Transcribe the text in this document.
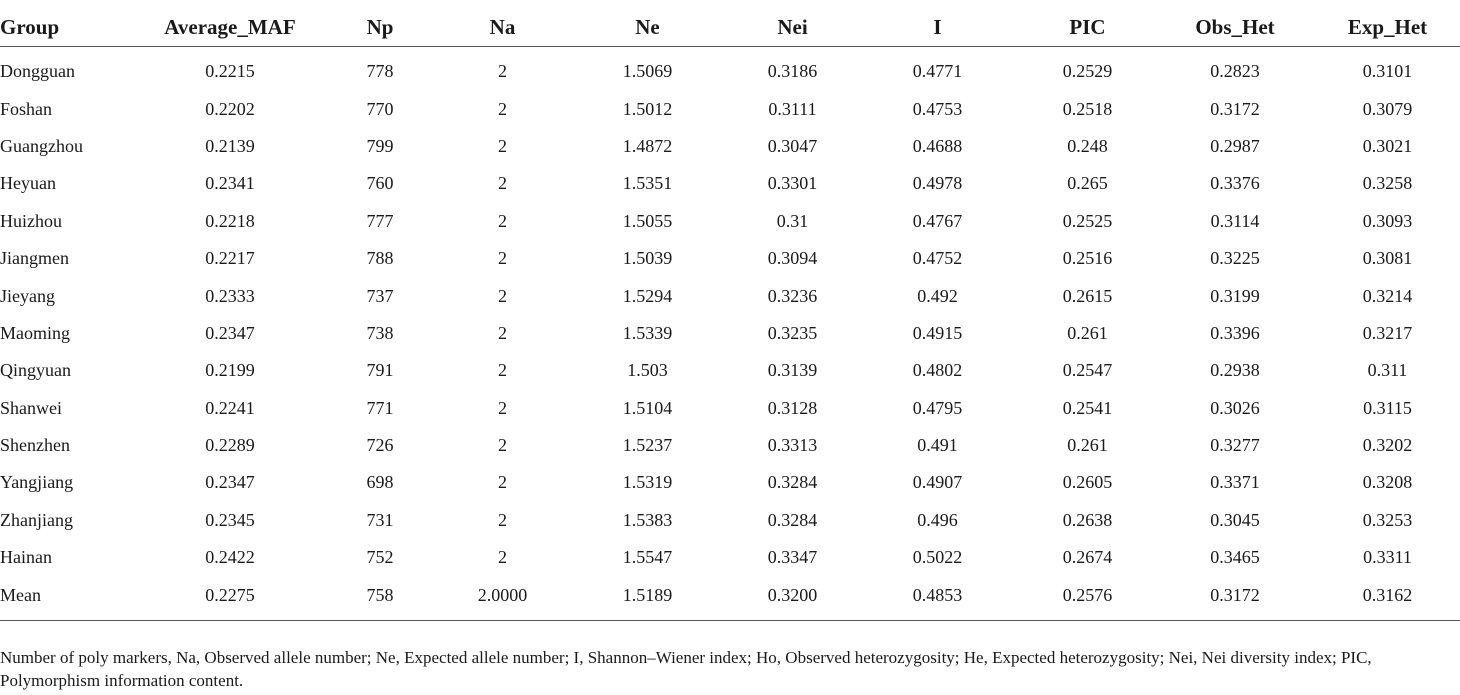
Group	Average_MAF	Np	Na	Ne	Nei	I	PIC	Obs_Het	Exp_Het
Dongguan	0.2215	778	2	1.5069	0.3186	0.4771	0.2529	0.2823	0.3101
Foshan	0.2202	770	2	1.5012	0.3111	0.4753	0.2518	0.3172	0.3079
Guangzhou	0.2139	799	2	1.4872	0.3047	0.4688	0.248	0.2987	0.3021
Heyuan	0.2341	760	2	1.5351	0.3301	0.4978	0.265	0.3376	0.3258
Huizhou	0.2218	777	2	1.5055	0.31	0.4767	0.2525	0.3114	0.3093
Jiangmen	0.2217	788	2	1.5039	0.3094	0.4752	0.2516	0.3225	0.3081
Jieyang	0.2333	737	2	1.5294	0.3236	0.492	0.2615	0.3199	0.3214
Maoming	0.2347	738	2	1.5339	0.3235	0.4915	0.261	0.3396	0.3217
Qingyuan	0.2199	791	2	1.503	0.3139	0.4802	0.2547	0.2938	0.311
Shanwei	0.2241	771	2	1.5104	0.3128	0.4795	0.2541	0.3026	0.3115
Shenzhen	0.2289	726	2	1.5237	0.3313	0.491	0.261	0.3277	0.3202
Yangjiang	0.2347	698	2	1.5319	0.3284	0.4907	0.2605	0.3371	0.3208
Zhanjiang	0.2345	731	2	1.5383	0.3284	0.496	0.2638	0.3045	0.3253
Hainan	0.2422	752	2	1.5547	0.3347	0.5022	0.2674	0.3465	0.3311
Mean	0.2275	758	2.0000	1.5189	0.3200	0.4853	0.2576	0.3172	0.3162
Number of poly markers, Na, Observed allele number; Ne, Expected allele number; I, Shannon–Wiener index; Ho, Observed heterozygosity; He, Expected heterozygosity; Nei, Nei diversity index; PIC, Polymorphism information content.
